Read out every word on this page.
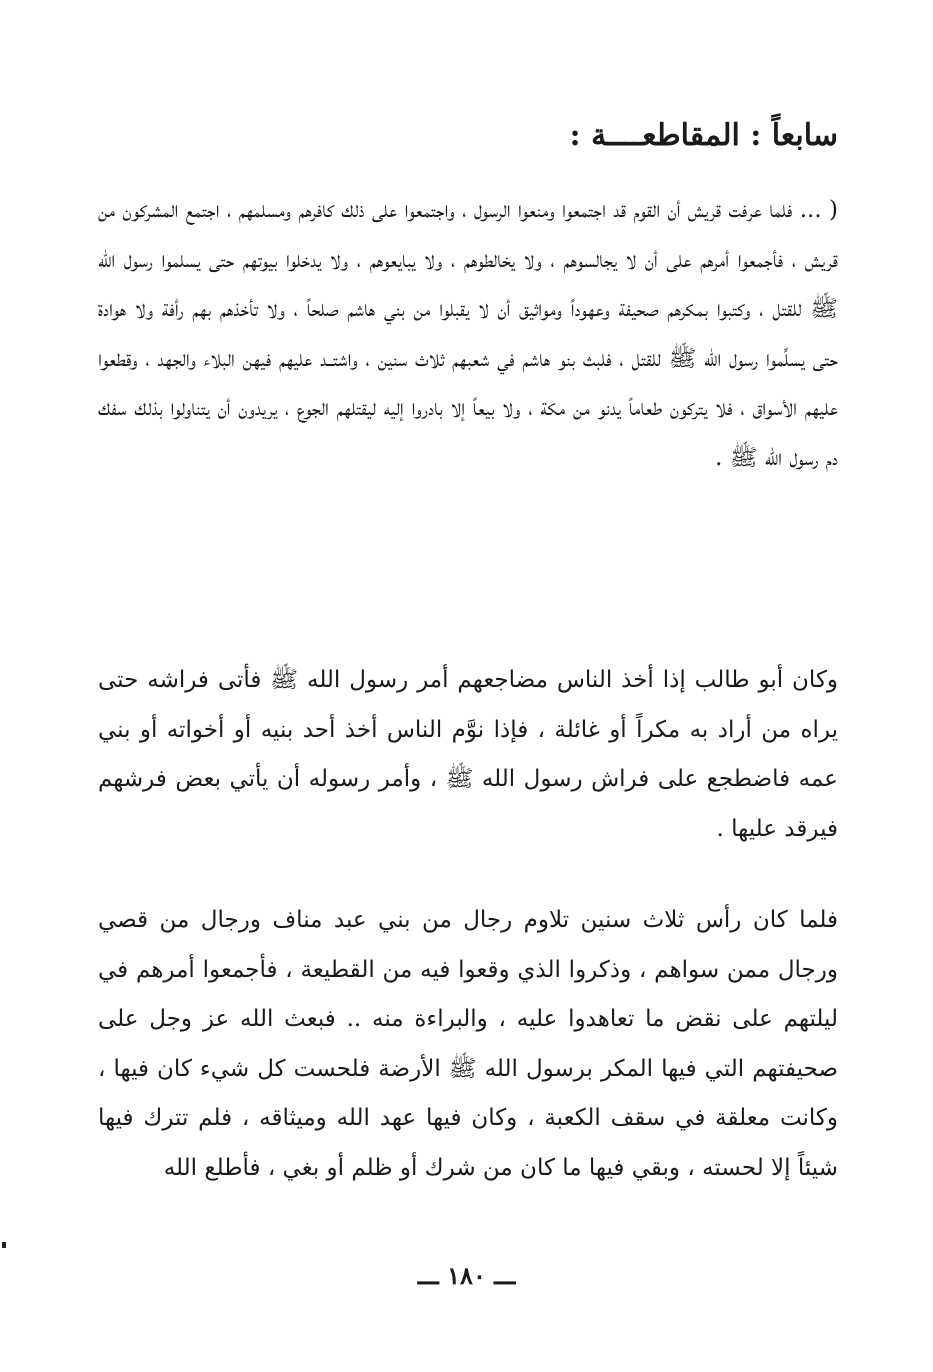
سابعاً : المقاطعــــة :

( ... فلما عرفت قريش أن القوم قد اجتمعوا ومنعوا الرسول ، واجتمعوا على ذلك كافرهم ومسلمهم ، اجتمع المشركون من قريش ، فأجمعوا أمرهم على أن لا يجالسوهم ، ولا يخالطوهم ، ولا يبايعوهم ، ولا يدخلوا بيوتهم حتى يسلموا رسول الله ﷺ للقتل ، وكتبوا بمكرهم صحيفة وعهوداً ومواثيق أن لا يقبلوا من بني هاشم صلحاً ، ولا تأخذهم بهم رأفة ولا هوادة حتى يسلِّموا رسول الله ﷺ للقتل ، فلبث بنو هاشم في شعبهم ثلاث سنين ، واشتــد عليهم فيهن البلاء والجهد ، وقطعوا عليهم الأسواق ، فلا يتركون طعاماً يدنو من مكة ، ولا بيعاً إلا بادروا إليه ليقتلهم الجوع ، يريدون أن يتناولوا بذلك سفك دم رسول الله ﷺ .

وكان أبو طالب إذا أخذ الناس مضاجعهم أمر رسول الله ﷺ فأتى فراشه حتى يراه من أراد به مكراً أو غائلة ، فإذا نوَّم الناس أخذ أحد بنيه أو أخواته أو بني عمه فاضطجع على فراش رسول الله ﷺ ، وأمر رسوله أن يأتي بعض فرشهم فيرقد عليها .

فلما كان رأس ثلاث سنين تلاوم رجال من بني عبد مناف ورجال من قصي ورجال ممن سواهم ، وذكروا الذي وقعوا فيه من القطيعة ، فأجمعوا أمرهم في ليلتهم على نقض ما تعاهدوا عليه ، والبراءة منه .. فبعث الله عز وجل على صحيفتهم التي فيها المكر برسول الله ﷺ الأرضة فلحست كل شيء كان فيها ، وكانت معلقة في سقف الكعبة ، وكان فيها عهد الله وميثاقه ، فلم تترك فيها شيئاً إلا لحسته ، وبقي فيها ما كان من شرك أو ظلم أو بغي ، فأطلع الله

ـــ ١٨٠ ـــ
